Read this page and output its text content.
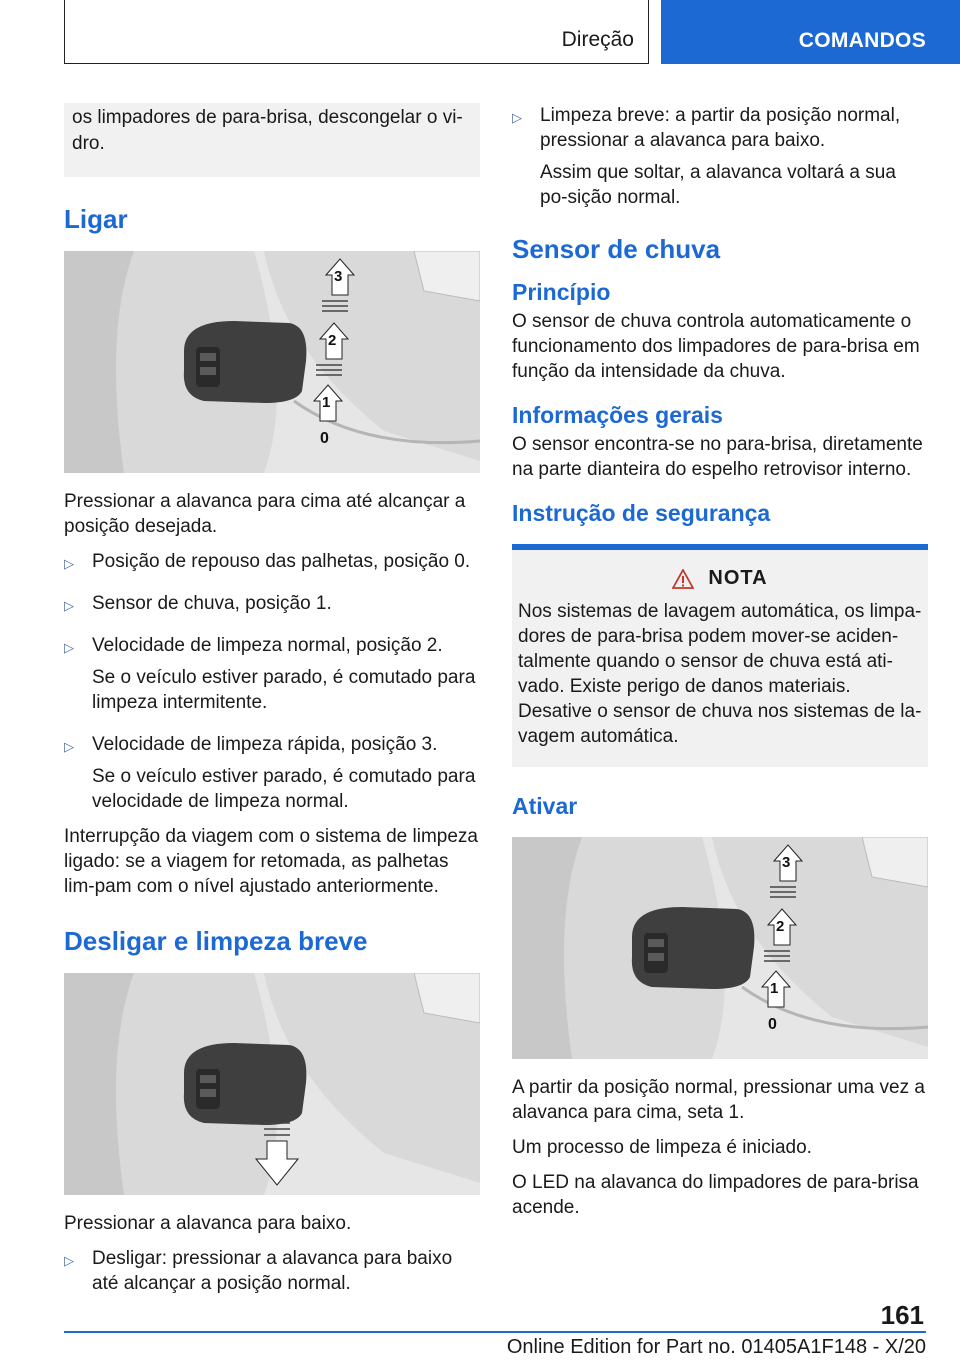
Direção	COMANDOS
os limpadores de para-brisa, descongelar o vi-dro.
Ligar
3
2
1
0

Pressionar a alavanca para cima até alcançar a posição desejada.

▷ Posição de repouso das palhetas, posição 0.

▷ Sensor de chuva, posição 1.

▷ Velocidade de limpeza normal, posição 2.

Se o veículo estiver parado, é comutado para limpeza intermitente.

▷ Velocidade de limpeza rápida, posição 3.

Se o veículo estiver parado, é comutado para velocidade de limpeza normal.

Interrupção da viagem com o sistema de limpeza ligado: se a viagem for retomada, as palhetas lim-pam com o nível ajustado anteriormente.

Desligar e limpeza breve

Pressionar a alavanca para baixo.

▷ Desligar: pressionar a alavanca para baixo até alcançar a posição normal.

▷ Limpeza breve: a partir da posição normal, pressionar a alavanca para baixo.

Assim que soltar, a alavanca voltará a sua po-sição normal.

Sensor de chuva
Princípio

O sensor de chuva controla automaticamente o funcionamento dos limpadores de para-brisa em função da intensidade da chuva.

Informações gerais

O sensor encontra-se no para-brisa, diretamente na parte dianteira do espelho retrovisor interno.

Instrução de segurança
NOTA
Nos sistemas de lavagem automática, os limpa-dores de para-brisa podem mover-se aciden-talmente quando o sensor de chuva está ati-vado. Existe perigo de danos materiais. Desative o sensor de chuva nos sistemas de la-vagem automática.
Ativar
3
2
1
0

A partir da posição normal, pressionar uma vez a alavanca para cima, seta 1.

Um processo de limpeza é iniciado.

O LED na alavanca do limpadores de para-brisa acende.

161
Online Edition for Part no. 01405A1F148 - X/20
